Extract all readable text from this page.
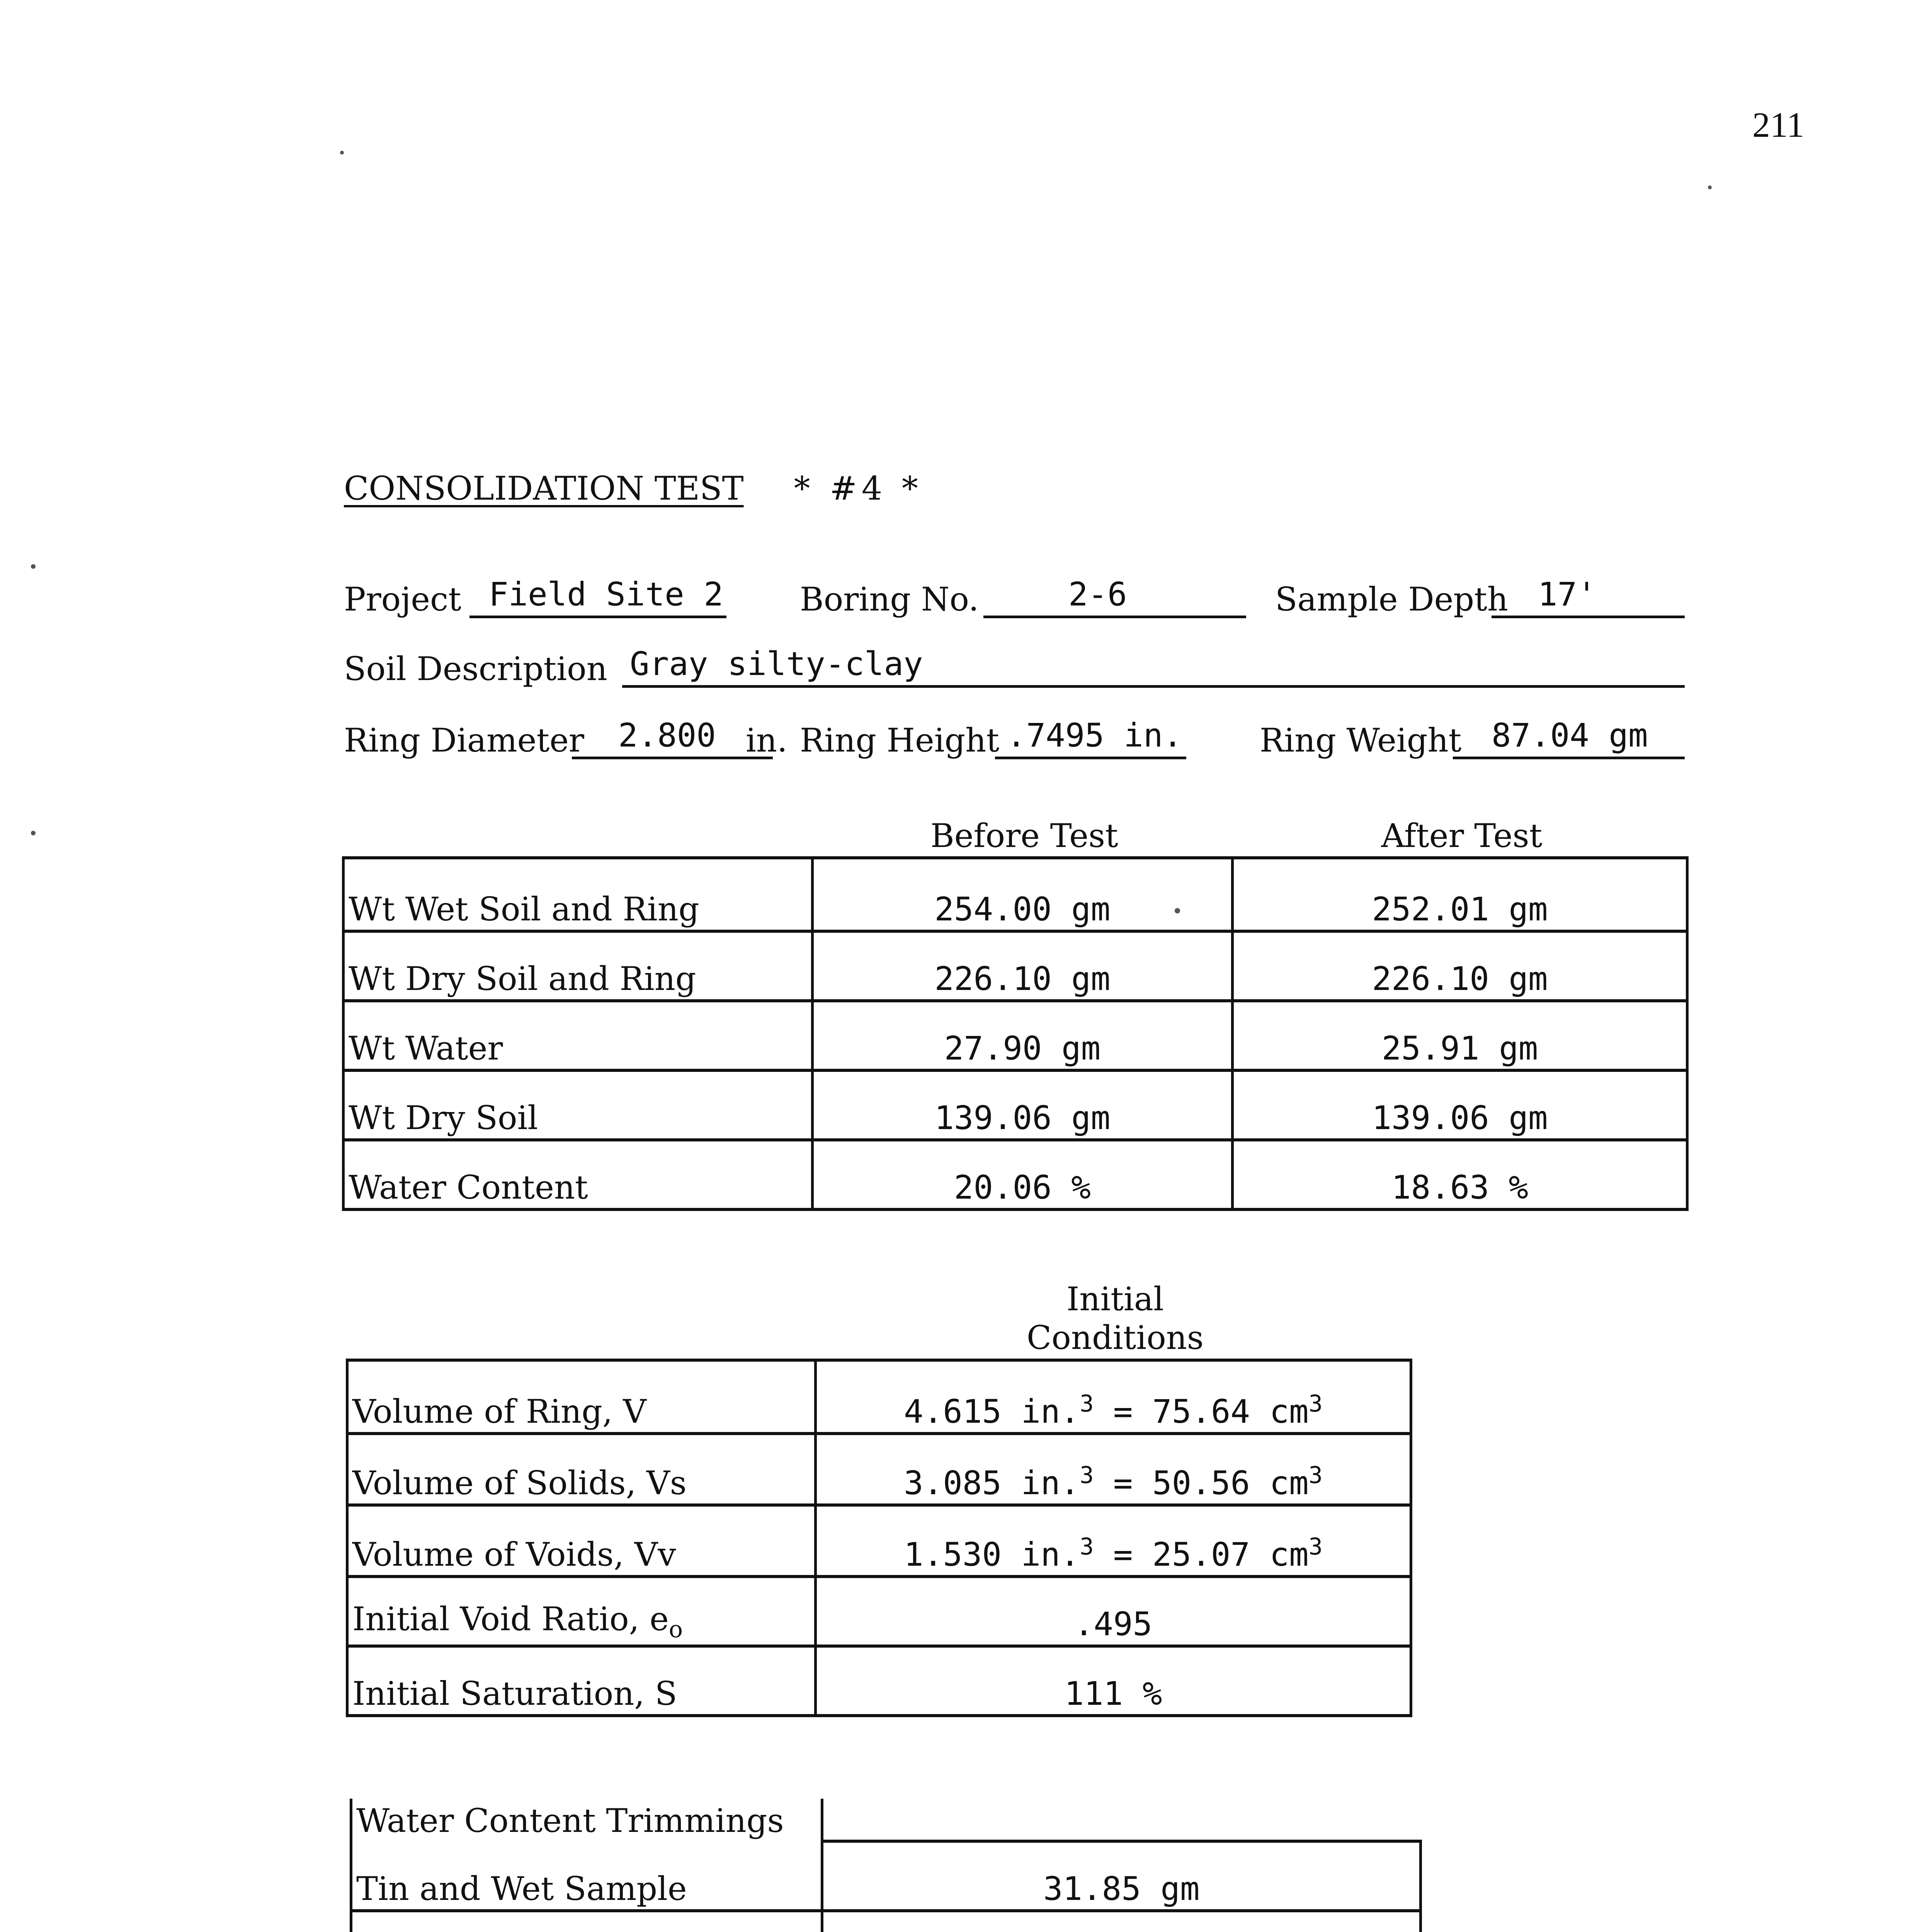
211
CONSOLIDATION TEST * #4 *
Project Field Site 2 Boring No.	2-6	Sample Depth 17'
Soil Description Gray silty-clay
Ring Diameter 2.800 in. Ring Height .7495 in. Ring Weight 87.04 gm
	Before Test	After Test
Wt Wet Soil and Ring	254.00 gm	252.01 gm
Wt Dry Soil and Ring	226.10 gm	226.10 gm
Wt Water	27.90 gm	25.91 gm
Wt Dry Soil	139.06 gm	139.06 gm
Water Content	20.06 %	18.63 %

	Initial
Conditions

Volume of Ring, V	4.615 in.$^3$ = 75.64 $cm^3$
Volume of Solids, Vs	3.085 in.$^3$ = 50.56 $cm^3$
Volume of Voids, Vv	1.530 in.$^3$ = 25.07 $cm^3$
Initial Void Ratio, $e_o$	.495
Initial Saturation, S	111 %
Water Content Trimmings	
Tin and Wet Sample	31.85 gm
